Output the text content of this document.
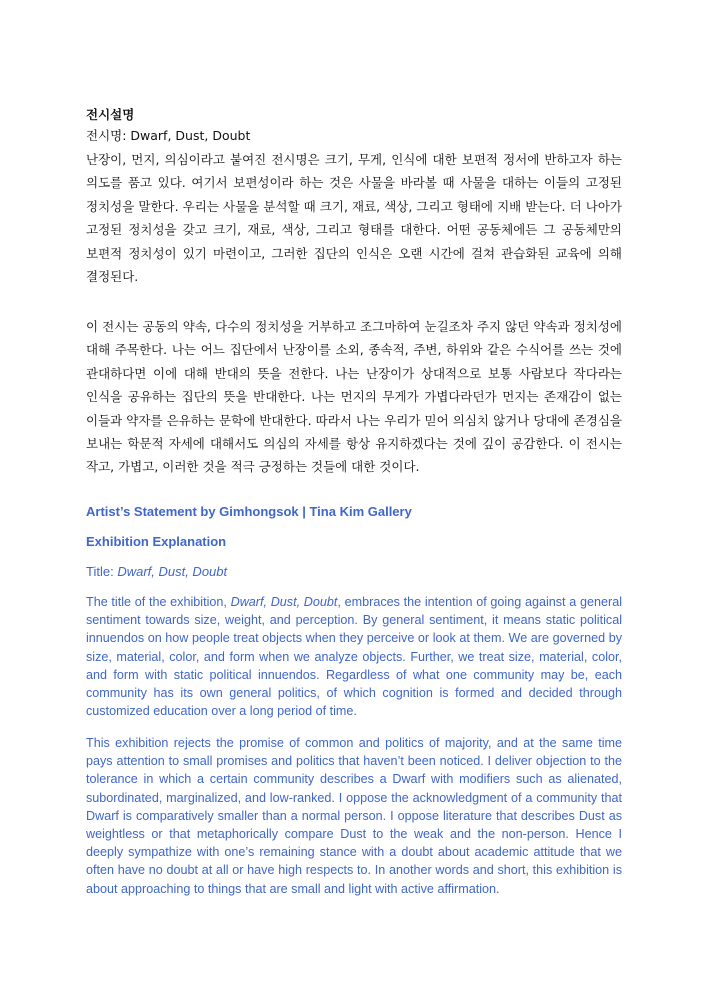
전시설명
전시명: Dwarf, Dust, Doubt
난장이, 먼지, 의심이라고 붙여진 전시명은 크기, 무게, 인식에 대한 보편적 정서에 반하고자 하는 의도를 품고 있다. 여기서 보편성이라 하는 것은 사물을 바라볼 때 사물을 대하는 이들의 고정된 정치성을 말한다. 우리는 사물을 분석할 때 크기, 재료, 색상, 그리고 형태에 지배 받는다. 더 나아가 고정된 정치성을 갖고 크기, 재료, 색상, 그리고 형태를 대한다. 어떤 공동체에든 그 공동체만의 보편적 정치성이 있기 마련이고, 그러한 집단의 인식은 오랜 시간에 걸쳐 관습화된 교육에 의해 결정된다.
이 전시는 공동의 약속, 다수의 정치성을 거부하고 조그마하여 눈길조차 주지 않던 약속과 정치성에 대해 주목한다. 나는 어느 집단에서 난장이를 소외, 종속적, 주변, 하위와 같은 수식어를 쓰는 것에 관대하다면 이에 대해 반대의 뜻을 전한다. 나는 난장이가 상대적으로 보통 사람보다 작다라는 인식을 공유하는 집단의 뜻을 반대한다. 나는 먼지의 무게가 가볍다라던가 먼지는 존재감이 없는 이들과 약자를 은유하는 문학에 반대한다. 따라서 나는 우리가 믿어 의심치 않거나 당대에 존경심을 보내는 학문적 자세에 대해서도 의심의 자세를 항상 유지하겠다는 것에 깊이 공감한다. 이 전시는 작고, 가볍고, 이러한 것을 적극 긍정하는 것들에 대한 것이다.
Artist’s Statement by Gimhongsok | Tina Kim Gallery
Exhibition Explanation
Title: Dwarf, Dust, Doubt
The title of the exhibition, Dwarf, Dust, Doubt, embraces the intention of going against a general sentiment towards size, weight, and perception. By general sentiment, it means static political innuendos on how people treat objects when they perceive or look at them. We are governed by size, material, color, and form when we analyze objects. Further, we treat size, material, color, and form with static political innuendos. Regardless of what one community may be, each community has its own general politics, of which cognition is formed and decided through customized education over a long period of time.
This exhibition rejects the promise of common and politics of majority, and at the same time pays attention to small promises and politics that haven’t been noticed. I deliver objection to the tolerance in which a certain community describes a Dwarf with modifiers such as alienated, subordinated, marginalized, and low-ranked. I oppose the acknowledgment of a community that Dwarf is comparatively smaller than a normal person. I oppose literature that describes Dust as weightless or that metaphorically compare Dust to the weak and the non-person. Hence I deeply sympathize with one’s remaining stance with a doubt about academic attitude that we often have no doubt at all or have high respects to. In another words and short, this exhibition is about approaching to things that are small and light with active affirmation.
